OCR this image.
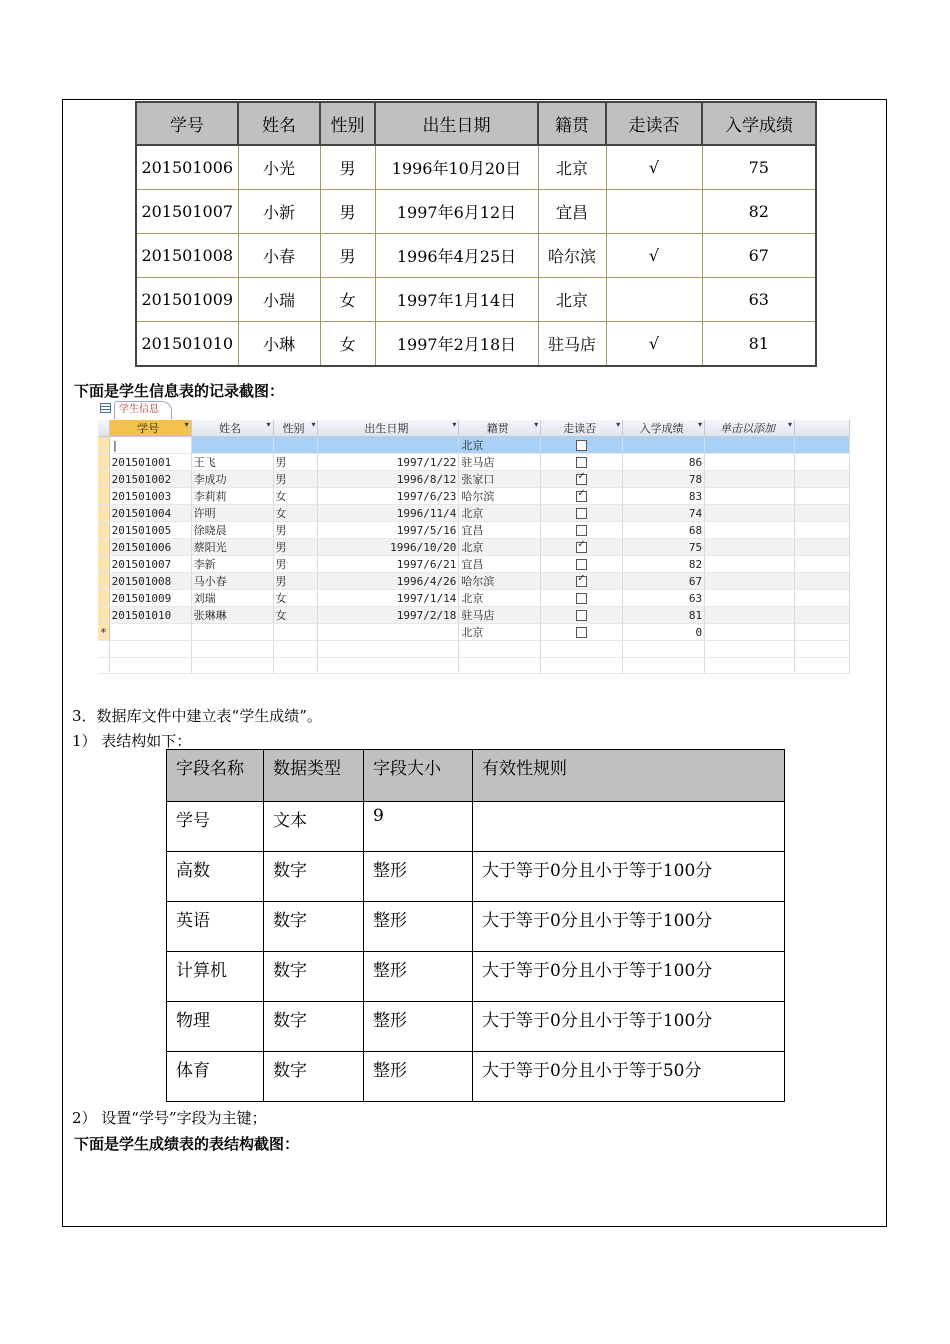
学号	姓名	性别	出生日期	籍贯	走读否	入学成绩
201501006	小光	男	1996年10月20日	北京	√	75
201501007	小新	男	1997年6月12日	宜昌		82
201501008	小春	男	1996年4月25日	哈尔滨	√	67
201501009	小瑞	女	1997年1月14日	北京		63
201501010	小琳	女	1997年2月18日	驻马店	√	81
下面是学生信息表的记录截图：
学生信息
	学号 ▾	姓名 ▾	性别 ▾	出生日期 ▾	籍贯 ▾	走读否 ▾	入学成绩 ▾	单击以添加 ▾	

	|				北京				
	201501001	王飞	男	1997/1/22	驻马店		86		
	201501002	李成功	男	1996/8/12	张家口	✓	78		
	201501003	李莉莉	女	1997/6/23	哈尔滨	✓	83		
	201501004	许明	女	1996/11/4	北京		74		
	201501005	徐晓晨	男	1997/5/16	宜昌		68		
	201501006	蔡阳光	男	1996/10/20	北京	✓	75		
	201501007	李新	男	1997/6/21	宜昌		82		
	201501008	马小春	男	1996/4/26	哈尔滨	✓	67		
	201501009	刘瑞	女	1997/1/14	北京		63		
	201501010	张琳琳	女	1997/2/18	驻马店		81		
*					北京		0		

3．数据库文件中建立表“学生成绩”。
1） 表结构如下：
字段名称	数据类型	字段大小	有效性规则
学号	文本	9	
高数	数字	整形	大于等于0分且小于等于100分
英语	数字	整形	大于等于0分且小于等于100分
计算机	数字	整形	大于等于0分且小于等于100分
物理	数字	整形	大于等于0分且小于等于100分
体育	数字	整形	大于等于0分且小于等于50分
2） 设置“学号”字段为主键；
下面是学生成绩表的表结构截图：
